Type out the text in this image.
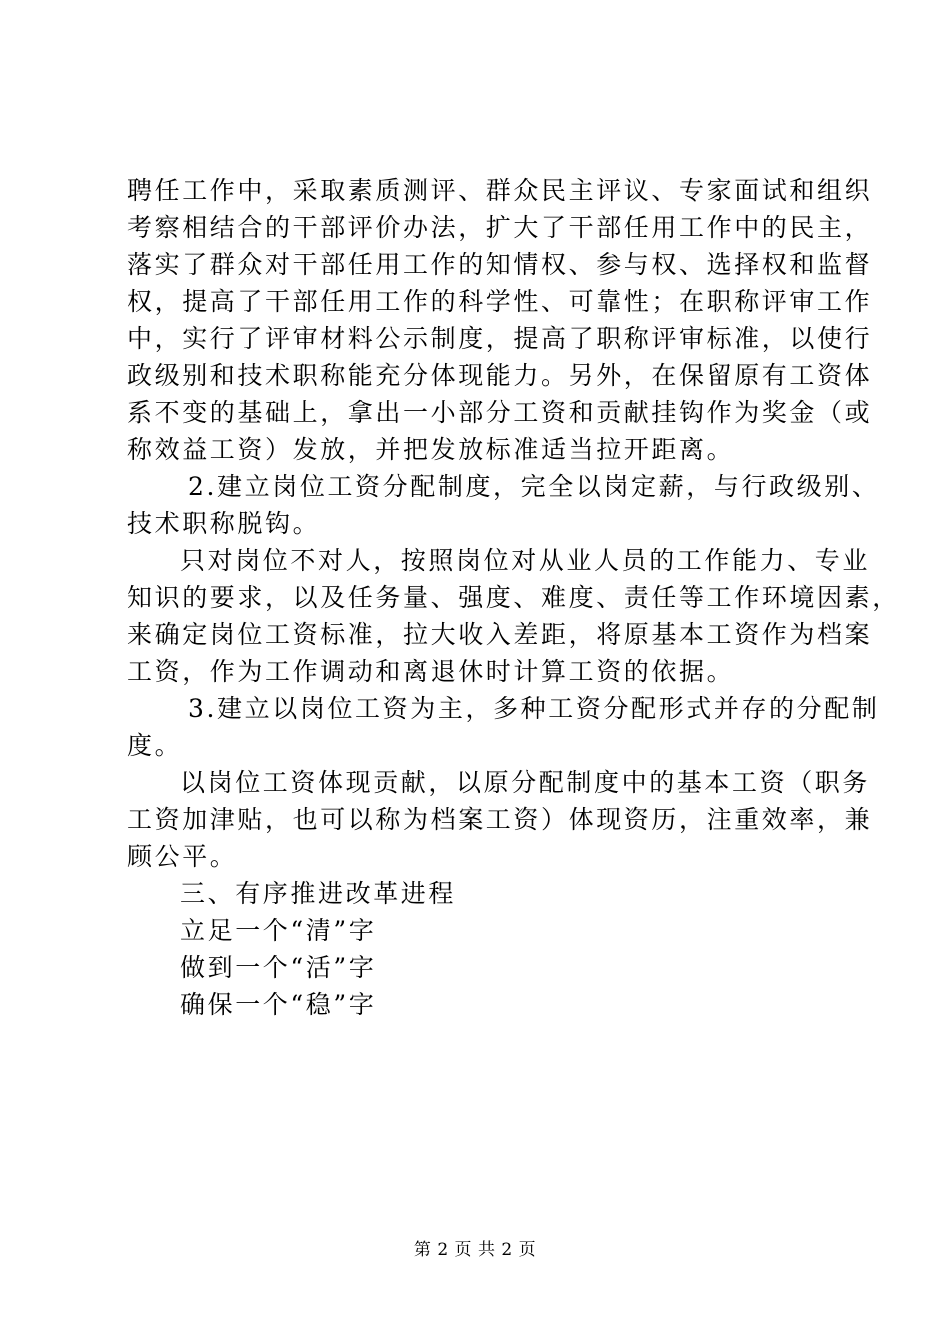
聘任工作中，采取素质测评、群众民主评议、专家面试和组织
考察相结合的干部评价办法，扩大了干部任用工作中的民主，
落实了群众对干部任用工作的知情权、参与权、选择权和监督
权，提高了干部任用工作的科学性、可靠性；在职称评审工作
中，实行了评审材料公示制度，提高了职称评审标准，以使行
政级别和技术职称能充分体现能力。另外，在保留原有工资体
系不变的基础上，拿出一小部分工资和贡献挂钩作为奖金（或
称效益工资）发放，并把发放标准适当拉开距离。
2.建立岗位工资分配制度，完全以岗定薪，与行政级别、
技术职称脱钩。
只对岗位不对人，按照岗位对从业人员的工作能力、专业
知识的要求，以及任务量、强度、难度、责任等工作环境因素，
来确定岗位工资标准，拉大收入差距，将原基本工资作为档案
工资，作为工作调动和离退休时计算工资的依据。
3.建立以岗位工资为主，多种工资分配形式并存的分配制
度。
以岗位工资体现贡献，以原分配制度中的基本工资（职务
工资加津贴，也可以称为档案工资）体现资历，注重效率，兼
顾公平。
三、有序推进改革进程
立足一个“清”字
做到一个“活”字
确保一个“稳”字
第 2 页 共 2 页
